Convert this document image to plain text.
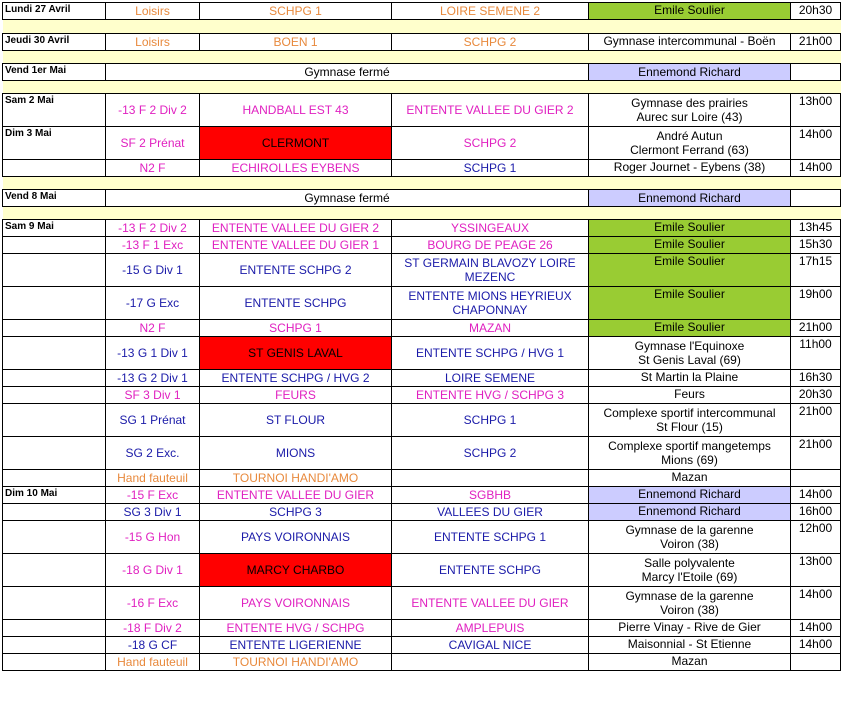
Lundi 27 Avril	Loisirs	SCHPG 1	LOIRE SEMENE 2	Emile Soulier	20h30

Jeudi 30 Avril	Loisirs	BOEN 1	SCHPG 2	Gymnase intercommunal - Boën	21h00

Vend 1er Mai	Gymnase fermé			Ennemond Richard	

Sam 2 Mai	-13 F 2 Div 2	HANDBALL EST 43	ENTENTE VALLEE DU GIER 2	Gymnase des prairies
Aurec sur Loire (43)	13h00
Dim 3 Mai	SF 2 Prénat	CLERMONT	SCHPG 2	André Autun
Clermont Ferrand (63)	14h00
	N2 F	ECHIROLLES EYBENS	SCHPG 1	Roger Journet - Eybens (38)	14h00

Vend 8 Mai	Gymnase fermé			Ennemond Richard	

Sam 9 Mai	-13 F 2 Div 2	ENTENTE VALLEE DU GIER 2	YSSINGEAUX	Emile Soulier	13h45
	-13 F 1 Exc	ENTENTE VALLEE DU GIER 1	BOURG DE PEAGE 26	Emile Soulier	15h30
	-15 G Div 1	ENTENTE SCHPG 2	ST GERMAIN BLAVOZY LOIRE MEZENC	Emile Soulier	17h15
	-17 G Exc	ENTENTE SCHPG	ENTENTE MIONS HEYRIEUX CHAPONNAY	Emile Soulier	19h00
	N2 F	SCHPG 1	MAZAN	Emile Soulier	21h00
	-13 G 1 Div 1	ST GENIS LAVAL	ENTENTE SCHPG / HVG 1	Gymnase l'Equinoxe
St Genis Laval (69)	11h00
	-13 G 2 Div 1	ENTENTE SCHPG / HVG 2	LOIRE SEMENE	St Martin la Plaine	16h30
	SF 3 Div 1	FEURS	ENTENTE HVG / SCHPG 3	Feurs	20h30
	SG 1 Prénat	ST FLOUR	SCHPG 1	Complexe sportif intercommunal
St Flour (15)	21h00
	SG 2 Exc.	MIONS	SCHPG 2	Complexe sportif mangetemps
Mions (69)	21h00
	Hand fauteuil	TOURNOI HANDI'AMO		Mazan	

Dim 10 Mai	-15 F Exc	ENTENTE VALLEE DU GIER	SGBHB	Ennemond Richard	14h00
	SG 3 Div 1	SCHPG 3	VALLEES DU GIER	Ennemond Richard	16h00
	-15 G Hon	PAYS VOIRONNAIS	ENTENTE SCHPG 1	Gymnase de la garenne
Voiron (38)	12h00
	-18 G Div 1	MARCY CHARBO	ENTENTE SCHPG	Salle polyvalente
Marcy l'Etoile (69)	13h00
	-16 F Exc	PAYS VOIRONNAIS	ENTENTE VALLEE DU GIER	Gymnase de la garenne
Voiron (38)	14h00
	-18 F Div 2	ENTENTE HVG / SCHPG	AMPLEPUIS	Pierre Vinay - Rive de Gier	14h00
	-18 G CF	ENTENTE LIGERIENNE	CAVIGAL NICE	Maisonnial - St Etienne	14h00
	Hand fauteuil	TOURNOI HANDI'AMO		Mazan	
